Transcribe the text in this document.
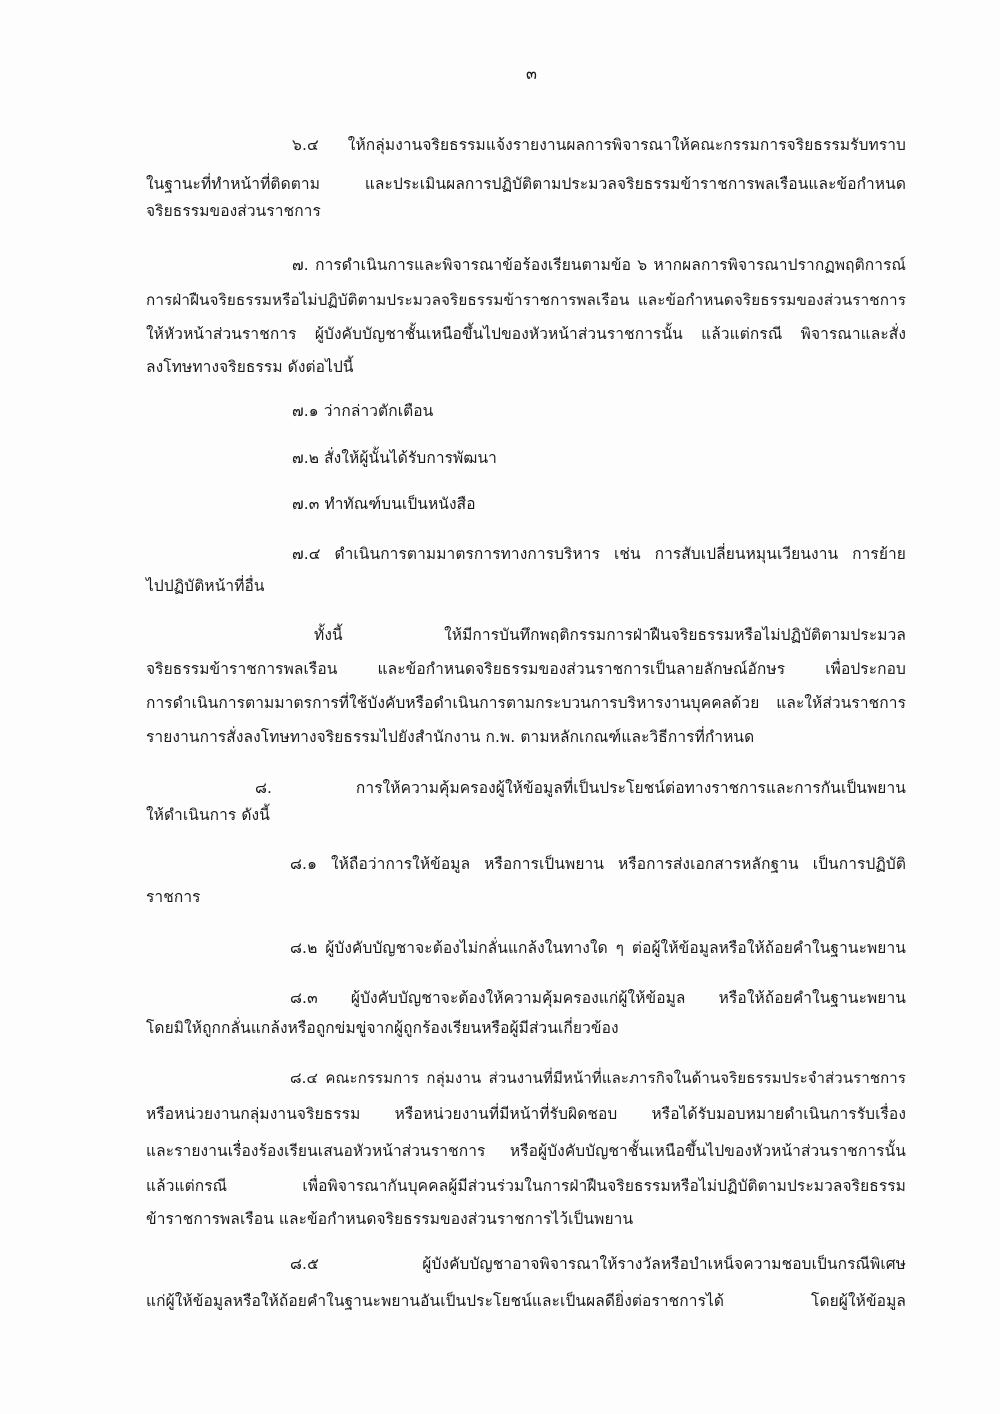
๓
๖.๔ ให้กลุ่มงานจริยธรรมแจ้งรายงานผลการพิจารณาให้คณะกรรมการจริยธรรมรับทราบ
ในฐานะที่ทำหน้าที่ติดตาม และประเมินผลการปฏิบัติตามประมวลจริยธรรมข้าราชการพลเรือนและข้อกำหนด
จริยธรรมของส่วนราชการ
๗. การดำเนินการและพิจารณาข้อร้องเรียนตามข้อ ๖ หากผลการพิจารณาปรากฏพฤติการณ์
การฝ่าฝืนจริยธรรมหรือไม่ปฏิบัติตามประมวลจริยธรรมข้าราชการพลเรือน และข้อกำหนดจริยธรรมของส่วนราชการ
ให้หัวหน้าส่วนราชการ ผู้บังคับบัญชาชั้นเหนือขึ้นไปของหัวหน้าส่วนราชการนั้น แล้วแต่กรณี พิจารณาและสั่ง
ลงโทษทางจริยธรรม ดังต่อไปนี้
๗.๑ ว่ากล่าวตักเตือน
๗.๒ สั่งให้ผู้นั้นได้รับการพัฒนา
๗.๓ ทำทัณฑ์บนเป็นหนังสือ
๗.๔ ดำเนินการตามมาตรการทางการบริหาร เช่น การสับเปลี่ยนหมุนเวียนงาน การย้าย
ไปปฏิบัติหน้าที่อื่น
ทั้งนี้ ให้มีการบันทึกพฤติกรรมการฝ่าฝืนจริยธรรมหรือไม่ปฏิบัติตามประมวล
จริยธรรมข้าราชการพลเรือน และข้อกำหนดจริยธรรมของส่วนราชการเป็นลายลักษณ์อักษร เพื่อประกอบ
การดำเนินการตามมาตรการที่ใช้บังคับหรือดำเนินการตามกระบวนการบริหารงานบุคคลด้วย และให้ส่วนราชการ
รายงานการสั่งลงโทษทางจริยธรรมไปยังสำนักงาน ก.พ. ตามหลักเกณฑ์และวิธีการที่กำหนด
๘. การให้ความคุ้มครองผู้ให้ข้อมูลที่เป็นประโยชน์ต่อทางราชการและการกันเป็นพยาน
ให้ดำเนินการ ดังนี้
๘.๑ ให้ถือว่าการให้ข้อมูล หรือการเป็นพยาน หรือการส่งเอกสารหลักฐาน เป็นการปฏิบัติ
ราชการ
๘.๒ ผู้บังคับบัญชาจะต้องไม่กลั่นแกล้งในทางใด ๆ ต่อผู้ให้ข้อมูลหรือให้ถ้อยคำในฐานะพยาน
๘.๓ ผู้บังคับบัญชาจะต้องให้ความคุ้มครองแก่ผู้ให้ข้อมูล หรือให้ถ้อยคำในฐานะพยาน
โดยมิให้ถูกกลั่นแกล้งหรือถูกข่มขู่จากผู้ถูกร้องเรียนหรือผู้มีส่วนเกี่ยวข้อง
๘.๔ คณะกรรมการ กลุ่มงาน ส่วนงานที่มีหน้าที่และภารกิจในด้านจริยธรรมประจำส่วนราชการ
หรือหน่วยงานกลุ่มงานจริยธรรม หรือหน่วยงานที่มีหน้าที่รับผิดชอบ หรือได้รับมอบหมายดำเนินการรับเรื่อง
และรายงานเรื่องร้องเรียนเสนอหัวหน้าส่วนราชการ หรือผู้บังคับบัญชาชั้นเหนือขึ้นไปของหัวหน้าส่วนราชการนั้น
แล้วแต่กรณี เพื่อพิจารณากันบุคคลผู้มีส่วนร่วมในการฝ่าฝืนจริยธรรมหรือไม่ปฏิบัติตามประมวลจริยธรรม
ข้าราชการพลเรือน และข้อกำหนดจริยธรรมของส่วนราชการไว้เป็นพยาน
๘.๕ ผู้บังคับบัญชาอาจพิจารณาให้รางวัลหรือบำเหน็จความชอบเป็นกรณีพิเศษ
แก่ผู้ให้ข้อมูลหรือให้ถ้อยคำในฐานะพยานอันเป็นประโยชน์และเป็นผลดียิ่งต่อราชการได้ โดยผู้ให้ข้อมูล
